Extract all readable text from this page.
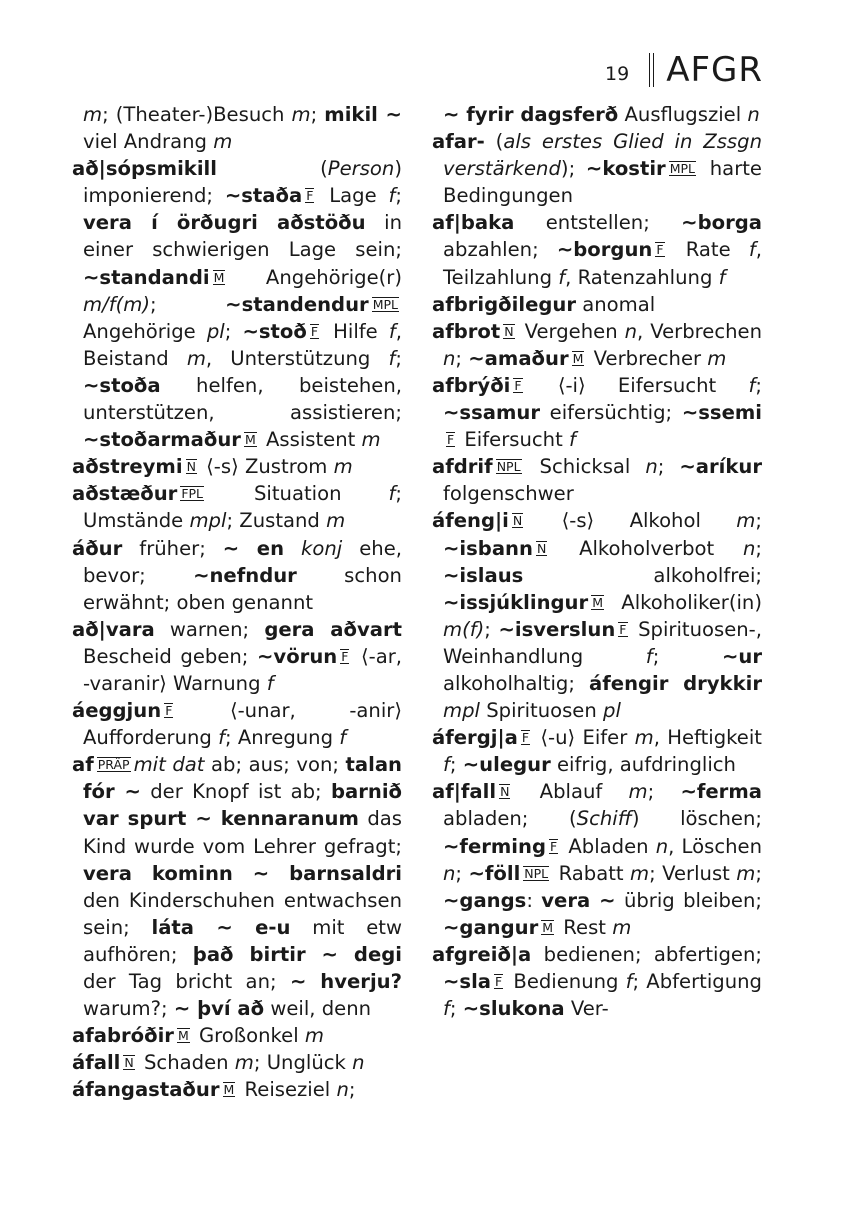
19 AFGR
m; (Theater-)Besuch m; mikil ~ viel Andrang m
að|sópsmikill (Person) imponierend; ~staða F Lage f; vera í örðugri aðstöðu in einer schwierigen Lage sein; ~standandi M Angehörige(r) m/f(m); ~standendur MPL Angehörige pl; ~stoð F Hilfe f, Beistand m, Unterstützung f; ~stoða helfen, beistehen, unterstützen, assistieren; ~stoðarmaður M Assistent m
aðstreymi N ⟨-s⟩ Zustrom m
aðstæður FPL Situation f; Umstände mpl; Zustand m
áður früher; ~ en konj ehe, bevor; ~nefndur schon erwähnt; oben genannt
að|vara warnen; gera aðvart Bescheid geben; ~vörun F ⟨-ar, -varanir⟩ Warnung f
áeggjun F ⟨-unar, -anir⟩ Aufforderung f; Anregung f
af PRÄP mit dat ab; aus; von; talan fór ~ der Knopf ist ab; barnið var spurt ~ kennaranum das Kind wurde vom Lehrer gefragt; vera kominn ~ barnsaldri den Kinderschuhen entwachsen sein; láta ~ e-u mit etw aufhören; það birtir ~ degi der Tag bricht an; ~ hverju? warum?; ~ því að weil, denn
afabróðir M Großonkel m
áfall N Schaden m; Unglück n
áfangastaður M Reiseziel n;
~ fyrir dagsferð Ausflugsziel n
afar- (als erstes Glied in Zssgn verstärkend); ~kostir MPL harte Bedingungen
af|baka entstellen; ~borga abzahlen; ~borgun F Rate f, Teilzahlung f, Ratenzahlung f
afbrigðilegur anomal
afbrot N Vergehen n, Verbrechen n; ~amaður M Verbrecher m
afbrýði F ⟨-i⟩ Eifersucht f; ~ssamur eifersüchtig; ~ssemiF Eifersucht f
afdrif NPL Schicksal n; ~aríkur folgenschwer
áfeng|i N ⟨-s⟩ Alkohol m; ~isbann N Alkoholverbot n; ~islaus alkoholfrei; ~issjúklingur M Alkoholiker(in) m(f); ~isverslun F Spirituosen-, Weinhandlung f; ~ur alkoholhaltig; áfengir drykkir mpl Spirituosen pl
áfergj|a F ⟨-u⟩ Eifer m, Heftigkeit f; ~ulegur eifrig, aufdringlich
af|fall N Ablauf m; ~ferma abladen; (Schiff) löschen; ~ferming F Abladen n, Löschen n; ~föll NPL Rabatt m; Verlust m; ~gangs: vera ~ übrig bleiben; ~gangur M Rest m
afgreið|a bedienen; abfertigen; ~sla F Bedienung f; Abfertigung f; ~slukona Ver-
